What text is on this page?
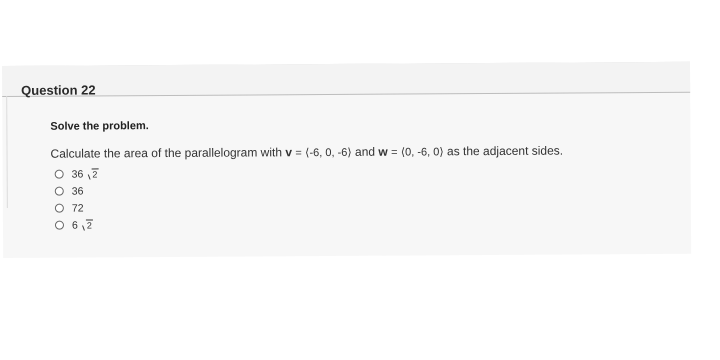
Question 22
Solve the problem.
Calculate the area of the parallelogram with v = ⟨-6, 0, -6⟩ and w = ⟨0, -6, 0⟩ as the adjacent sides.
36 2
36
72
6 2
